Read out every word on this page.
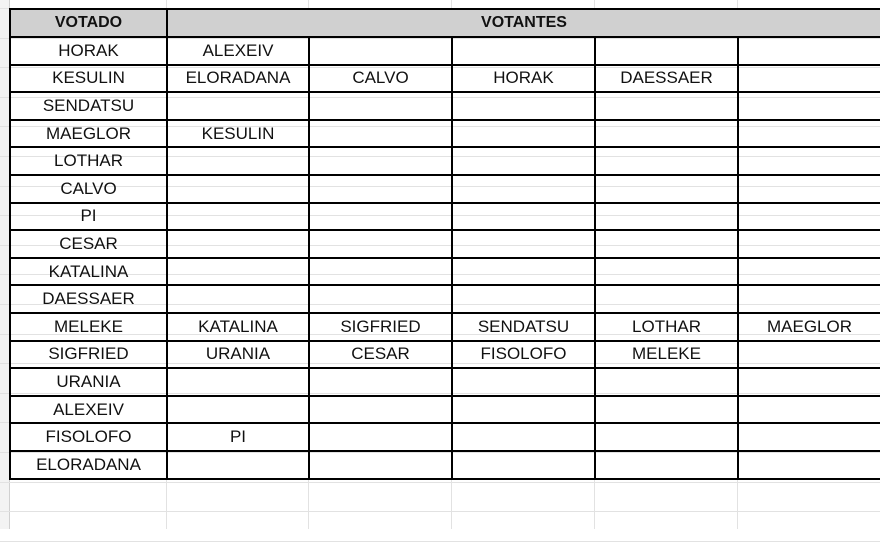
VOTADO	VOTANTES				
HORAK	ALEXEIV				
KESULIN	ELORADANA	CALVO	HORAK	DAESSAER	
SENDATSU					
MAEGLOR	KESULIN				
LOTHAR					
CALVO					
PI					
CESAR					
KATALINA					
DAESSAER					
MELEKE	KATALINA	SIGFRIED	SENDATSU	LOTHAR	MAEGLOR
SIGFRIED	URANIA	CESAR	FISOLOFO	MELEKE	
URANIA					
ALEXEIV					
FISOLOFO	PI				
ELORADANA					
